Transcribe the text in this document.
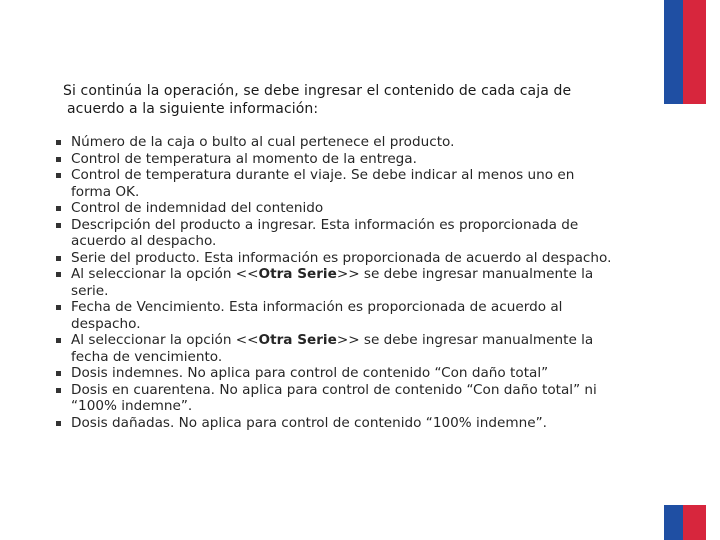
Si continúa la operación, se debe ingresar el contenido de cada caja de

acuerdo a la siguiente información:

Número de la caja o bulto al cual pertenece el producto.
Control de temperatura al momento de la entrega.
Control de temperatura durante el viaje. Se debe indicar al menos uno en forma OK.
Control de indemnidad del contenido
Descripción del producto a ingresar. Esta información es proporcionada de acuerdo al despacho.
Serie del producto. Esta información es proporcionada de acuerdo al despacho.
Al seleccionar la opción <<Otra Serie>> se debe ingresar manualmente la serie.
Fecha de Vencimiento. Esta información es proporcionada de acuerdo al despacho.
Al seleccionar la opción <<Otra Serie>> se debe ingresar manualmente la fecha de vencimiento.
Dosis indemnes. No aplica para control de contenido “Con daño total”
Dosis en cuarentena. No aplica para control de contenido “Con daño total” ni “100% indemne”.
Dosis dañadas. No aplica para control de contenido “100% indemne”.
